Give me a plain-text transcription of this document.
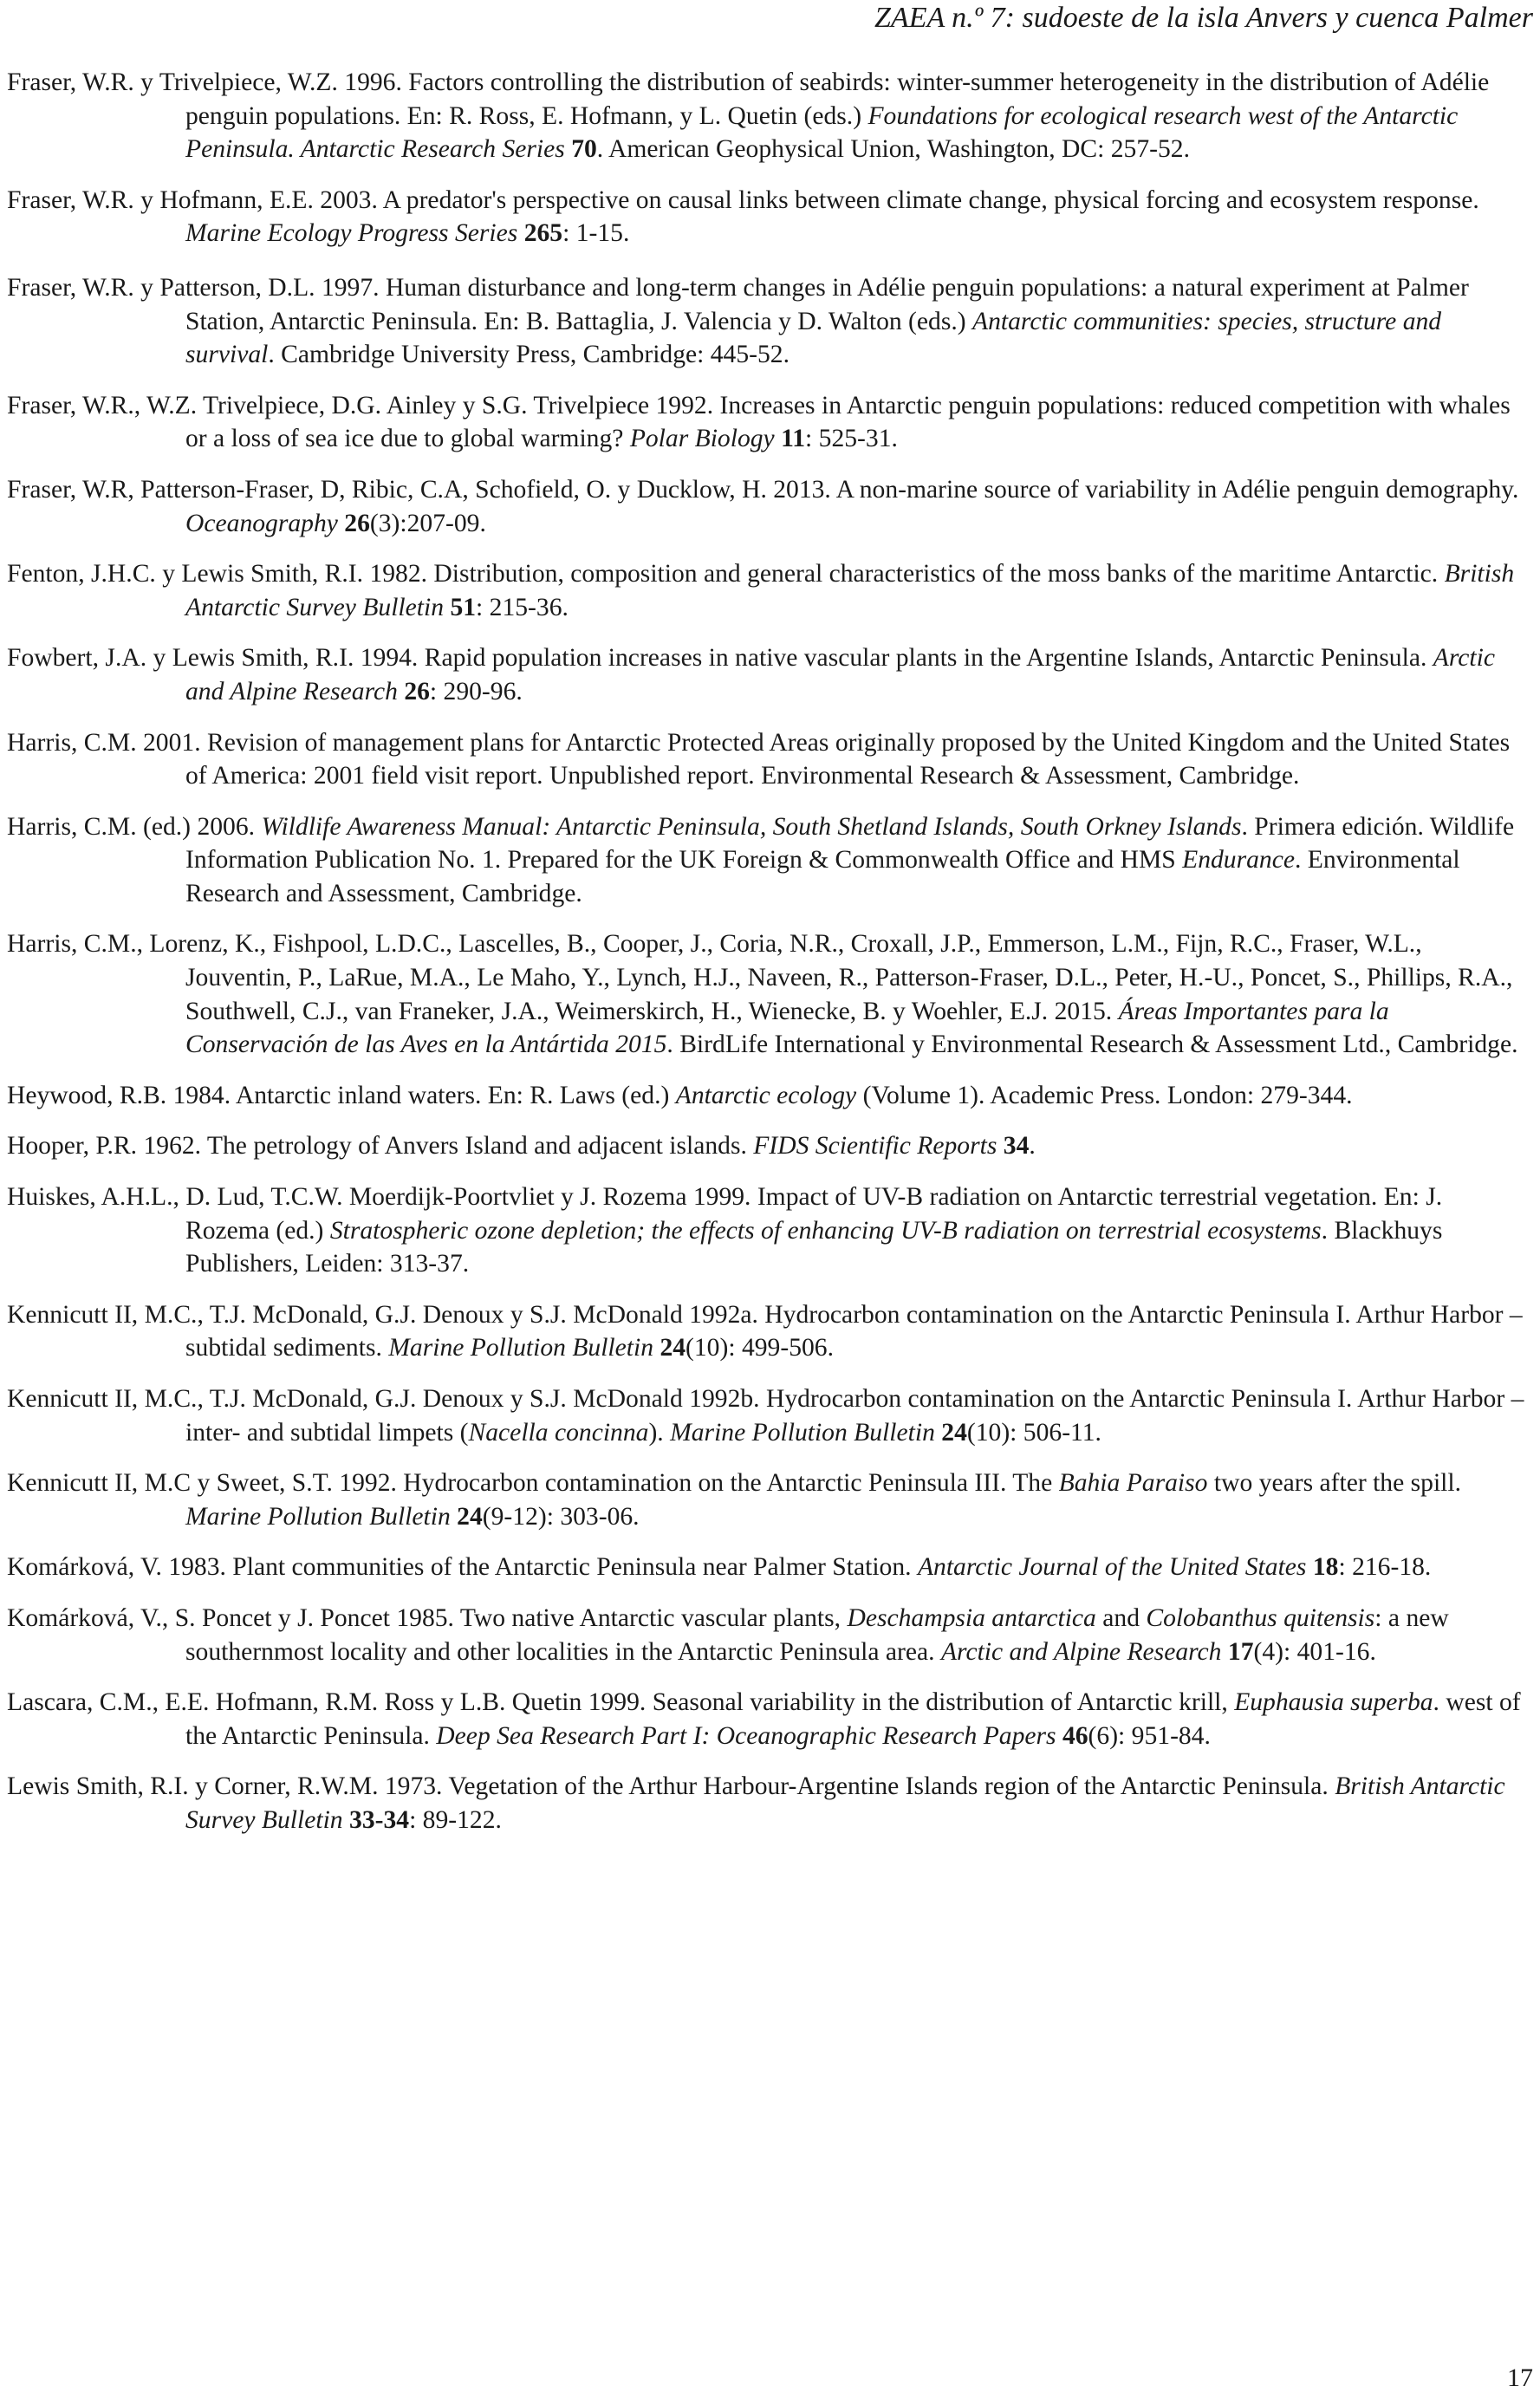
ZAEA n.º 7: sudoeste de la isla Anvers y cuenca Palmer

Fraser, W.R. y Trivelpiece, W.Z. 1996. Factors controlling the distribution of seabirds: winter-summer heterogeneity in the distribution of Adélie penguin populations. En: R. Ross, E. Hofmann, y L. Quetin (eds.) Foundations for ecological research west of the Antarctic Peninsula. Antarctic Research Series 70. American Geophysical Union, Washington, DC: 257-52.

Fraser, W.R. y Hofmann, E.E. 2003. A predator's perspective on causal links between climate change, physical forcing and ecosystem response. Marine Ecology Progress Series 265: 1-15.

Fraser, W.R. y Patterson, D.L. 1997. Human disturbance and long-term changes in Adélie penguin populations: a natural experiment at Palmer Station, Antarctic Peninsula. En: B. Battaglia, J. Valencia y D. Walton (eds.) Antarctic communities: species, structure and survival. Cambridge University Press, Cambridge: 445-52.

Fraser, W.R., W.Z. Trivelpiece, D.G. Ainley y S.G. Trivelpiece 1992. Increases in Antarctic penguin populations: reduced competition with whales or a loss of sea ice due to global warming? Polar Biology 11: 525-31.

Fraser, W.R, Patterson-Fraser, D, Ribic, C.A, Schofield, O. y Ducklow, H. 2013. A non-marine source of variability in Adélie penguin demography. Oceanography 26(3):207-09.

Fenton, J.H.C. y Lewis Smith, R.I. 1982. Distribution, composition and general characteristics of the moss banks of the maritime Antarctic. British Antarctic Survey Bulletin 51: 215-36.

Fowbert, J.A. y Lewis Smith, R.I. 1994. Rapid population increases in native vascular plants in the Argentine Islands, Antarctic Peninsula. Arctic and Alpine Research 26: 290-96.

Harris, C.M. 2001. Revision of management plans for Antarctic Protected Areas originally proposed by the United Kingdom and the United States of America: 2001 field visit report. Unpublished report. Environmental Research & Assessment, Cambridge.

Harris, C.M. (ed.) 2006. Wildlife Awareness Manual: Antarctic Peninsula, South Shetland Islands, South Orkney Islands. Primera edición. Wildlife Information Publication No. 1. Prepared for the UK Foreign & Commonwealth Office and HMS Endurance. Environmental Research and Assessment, Cambridge.

Harris, C.M., Lorenz, K., Fishpool, L.D.C., Lascelles, B., Cooper, J., Coria, N.R., Croxall, J.P., Emmerson, L.M., Fijn, R.C., Fraser, W.L., Jouventin, P., LaRue, M.A., Le Maho, Y., Lynch, H.J., Naveen, R., Patterson-Fraser, D.L., Peter, H.-U., Poncet, S., Phillips, R.A., Southwell, C.J., van Franeker, J.A., Weimerskirch, H., Wienecke, B. y Woehler, E.J. 2015. Áreas Importantes para la Conservación de las Aves en la Antártida 2015. BirdLife International y Environmental Research & Assessment Ltd., Cambridge.

Heywood, R.B. 1984. Antarctic inland waters. En: R. Laws (ed.) Antarctic ecology (Volume 1). Academic Press. London: 279-344.

Hooper, P.R. 1962. The petrology of Anvers Island and adjacent islands. FIDS Scientific Reports 34.

Huiskes, A.H.L., D. Lud, T.C.W. Moerdijk-Poortvliet y J. Rozema 1999. Impact of UV-B radiation on Antarctic terrestrial vegetation. En: J. Rozema (ed.) Stratospheric ozone depletion; the effects of enhancing UV-B radiation on terrestrial ecosystems. Blackhuys Publishers, Leiden: 313-37.

Kennicutt II, M.C., T.J. McDonald, G.J. Denoux y S.J. McDonald 1992a. Hydrocarbon contamination on the Antarctic Peninsula I. Arthur Harbor – subtidal sediments. Marine Pollution Bulletin 24(10): 499-506.

Kennicutt II, M.C., T.J. McDonald, G.J. Denoux y S.J. McDonald 1992b. Hydrocarbon contamination on the Antarctic Peninsula I. Arthur Harbor – inter- and subtidal limpets (Nacella concinna). Marine Pollution Bulletin 24(10): 506-11.

Kennicutt II, M.C y Sweet, S.T. 1992. Hydrocarbon contamination on the Antarctic Peninsula III. The Bahia Paraiso two years after the spill. Marine Pollution Bulletin 24(9-12): 303-06.

Komárková, V. 1983. Plant communities of the Antarctic Peninsula near Palmer Station. Antarctic Journal of the United States 18: 216-18.

Komárková, V., S. Poncet y J. Poncet 1985. Two native Antarctic vascular plants, Deschampsia antarctica and Colobanthus quitensis: a new southernmost locality and other localities in the Antarctic Peninsula area. Arctic and Alpine Research 17(4): 401-16.

Lascara, C.M., E.E. Hofmann, R.M. Ross y L.B. Quetin 1999. Seasonal variability in the distribution of Antarctic krill, Euphausia superba. west of the Antarctic Peninsula. Deep Sea Research Part I: Oceanographic Research Papers 46(6): 951-84.

Lewis Smith, R.I. y Corner, R.W.M. 1973. Vegetation of the Arthur Harbour-Argentine Islands region of the Antarctic Peninsula. British Antarctic Survey Bulletin 33-34: 89-122.

17
